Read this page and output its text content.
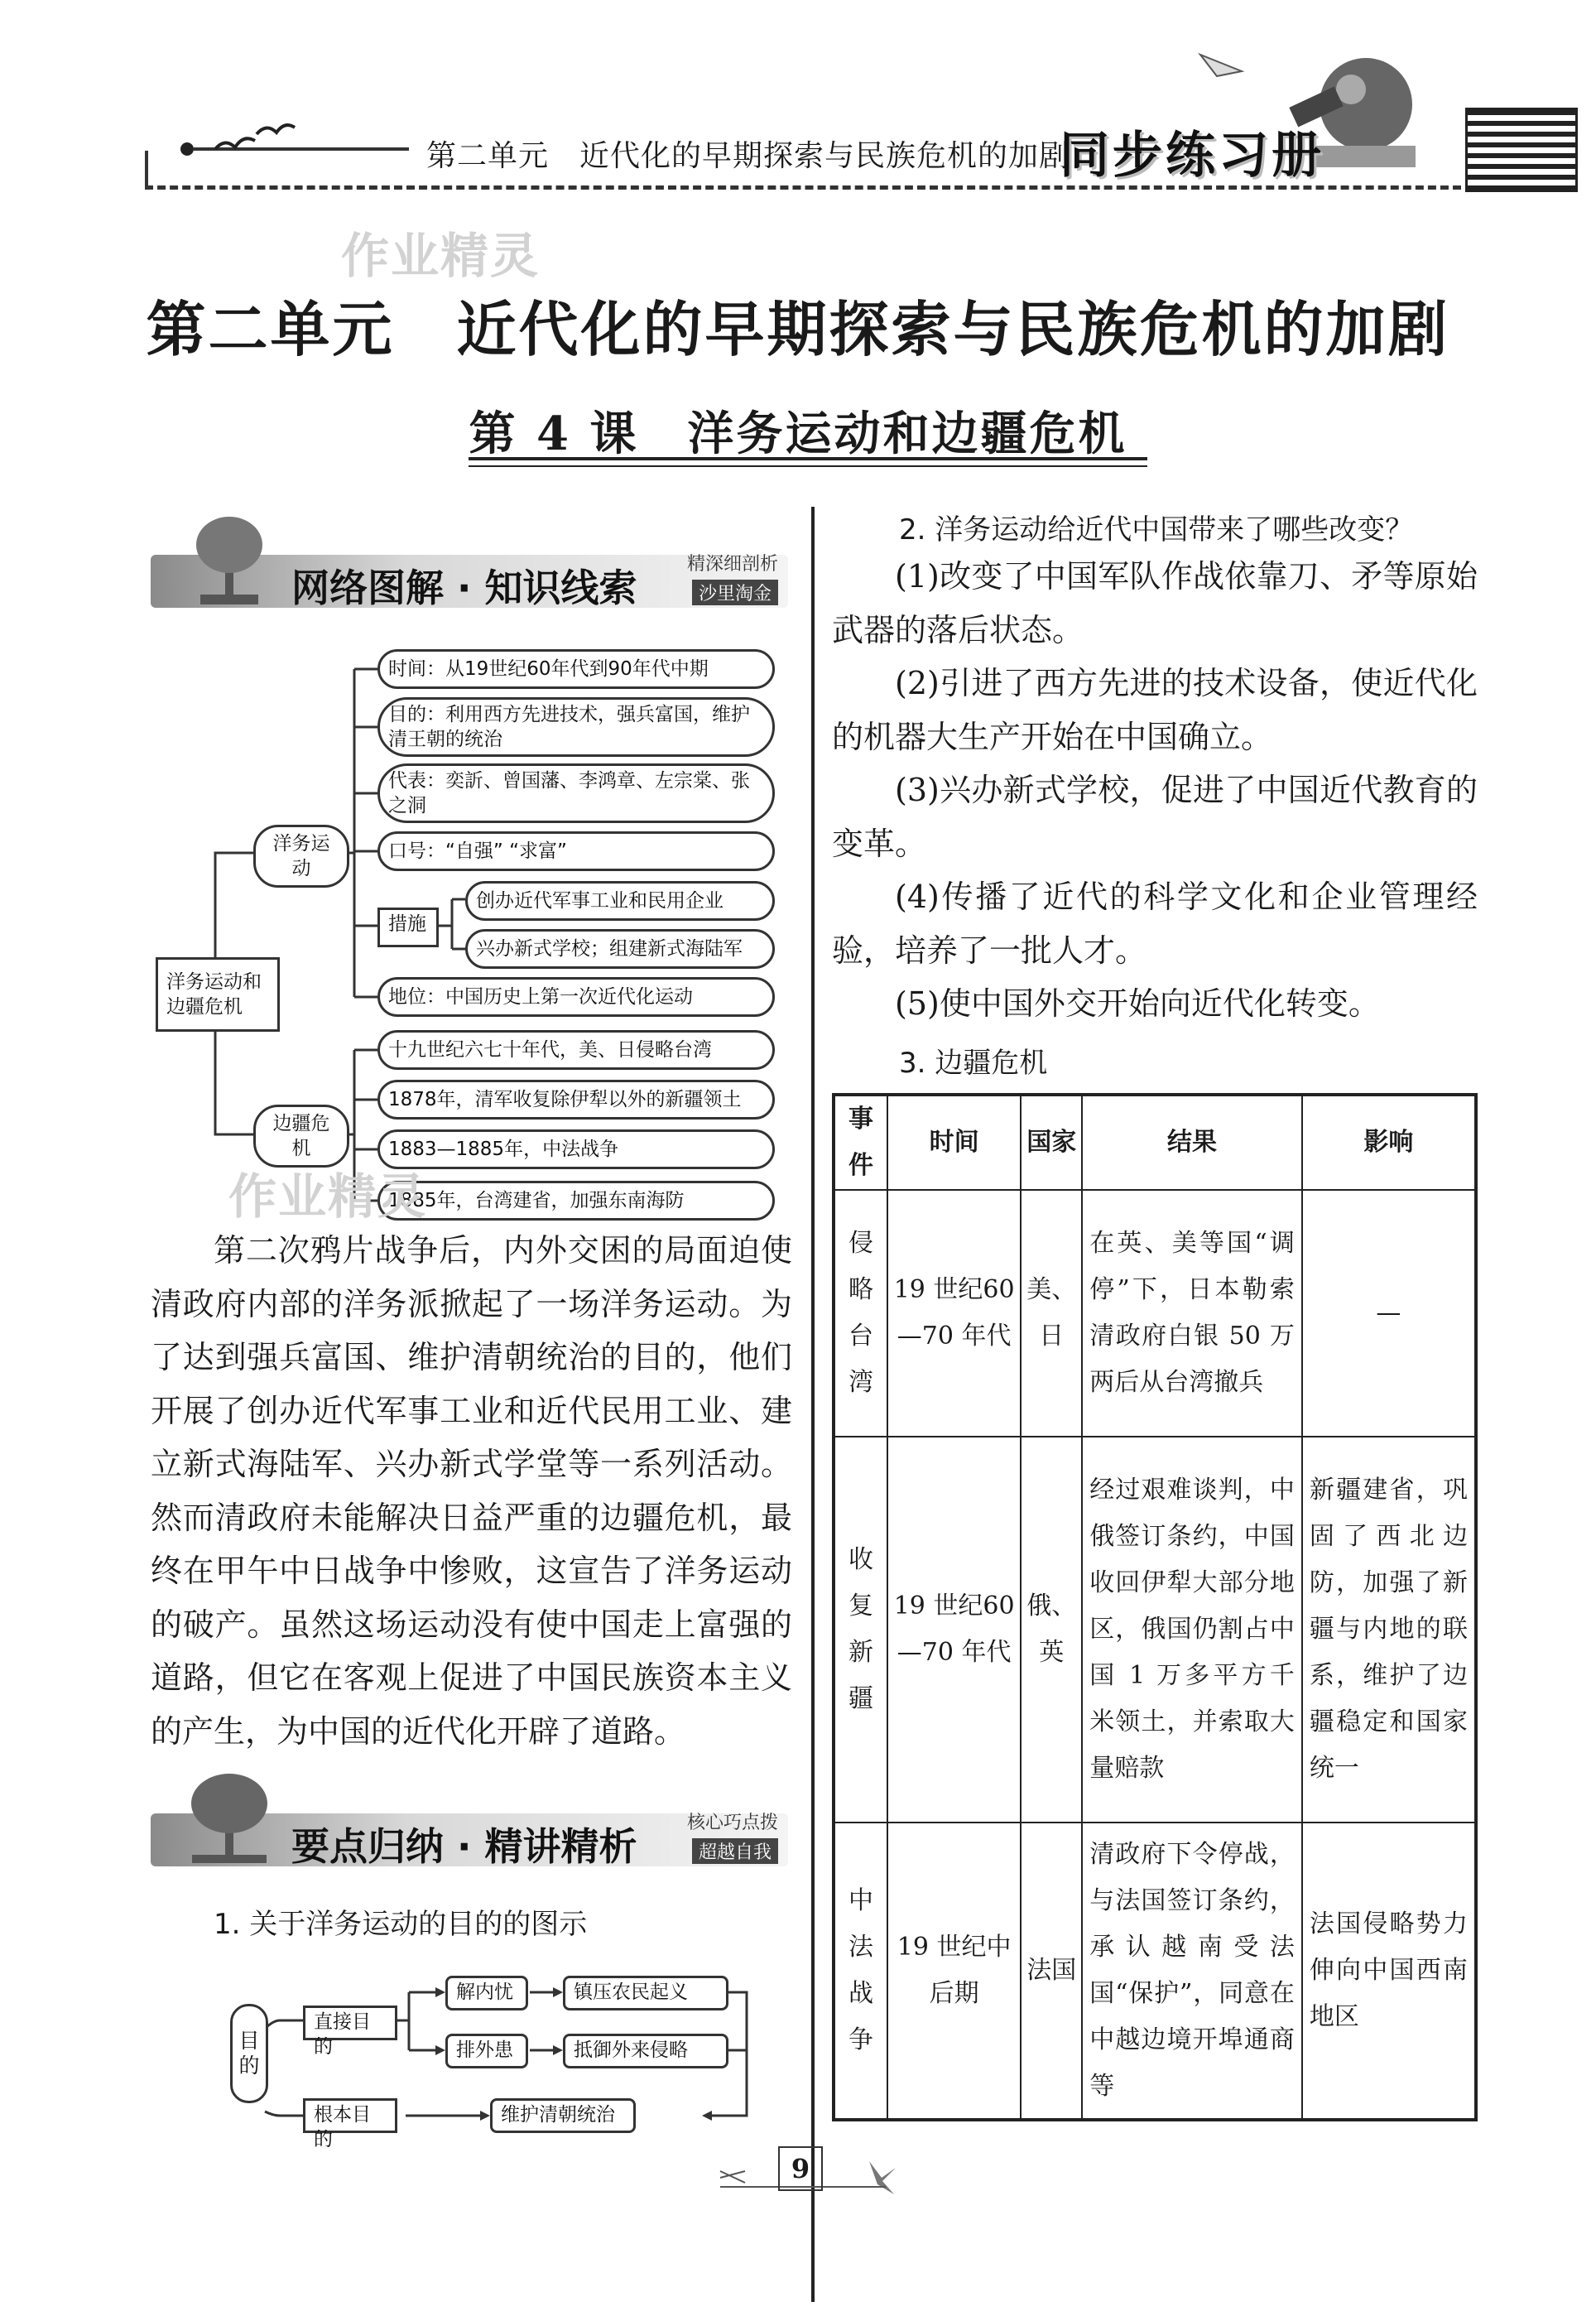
第二单元　近代化的早期探索与民族危机的加剧
同步练习册
作业精灵
第二单元　近代化的早期探索与民族危机的加剧
第 4 课　洋务运动和边疆危机
网络图解 · 知识线索
精深细剖析
沙里淘金
洋务运动和边疆危机
洋务运动
时间：从19世纪60年代到90年代中期
目的：利用西方先进技术，强兵富国，维护清王朝的统治
代表：奕訢、曾国藩、李鸿章、左宗棠、张之洞
口号：“自强” “求富”
措施
创办近代军事工业和民用企业
兴办新式学校；组建新式海陆军
地位：中国历史上第一次近代化运动
边疆危机
十九世纪六七十年代，美、日侵略台湾
1878年，清军收复除伊犁以外的新疆领土
1883—1885年，中法战争
1885年，台湾建省，加强东南海防
作业精灵

第二次鸦片战争后，内外交困的局面迫使清政府内部的洋务派掀起了一场洋务运动。为了达到强兵富国、维护清朝统治的目的，他们开展了创办近代军事工业和近代民用工业、建立新式海陆军、兴办新式学堂等一系列活动。然而清政府未能解决日益严重的边疆危机，最终在甲午中日战争中惨败，这宣告了洋务运动的破产。虽然这场运动没有使中国走上富强的道路，但它在客观上促进了中国民族资本主义的产生，为中国的近代化开辟了道路。

要点归纳 · 精讲精析
核心巧点拨
超越自我
1. 关于洋务运动的目的的图示
目的
直接目的
根本目的
解内忧
排外患
镇压农民起义
抵御外来侵略
维护清朝统治
2. 洋务运动给近代中国带来了哪些改变？

(1)改变了中国军队作战依靠刀、矛等原始武器的落后状态。

(2)引进了西方先进的技术设备，使近代化的机器大生产开始在中国确立。

(3)兴办新式学校，促进了中国近代教育的变革。

(4)传播了近代的科学文化和企业管理经验，培养了一批人才。

(5)使中国外交开始向近代化转变。

3. 边疆危机
事件	时间	国家	结果	影响
侵略台湾	19 世纪60—70 年代	美、日	在英、美等国“调停”下，日本勒索清政府白银 50 万两后从台湾撤兵	—
收复新疆	19 世纪60—70 年代	俄、英	经过艰难谈判，中俄签订条约，中国收回伊犁大部分地区，俄国仍割占中国 1 万多平方千米领土，并索取大量赔款	新疆建省，巩固了西北边防，加强了新疆与内地的联系，维护了边疆稳定和国家统一
中法战争	19 世纪中后期	法国	清政府下令停战，与法国签订条约，承认越南受法国“保护”，同意在中越边境开埠通商等	法国侵略势力伸向中国西南地区
9
